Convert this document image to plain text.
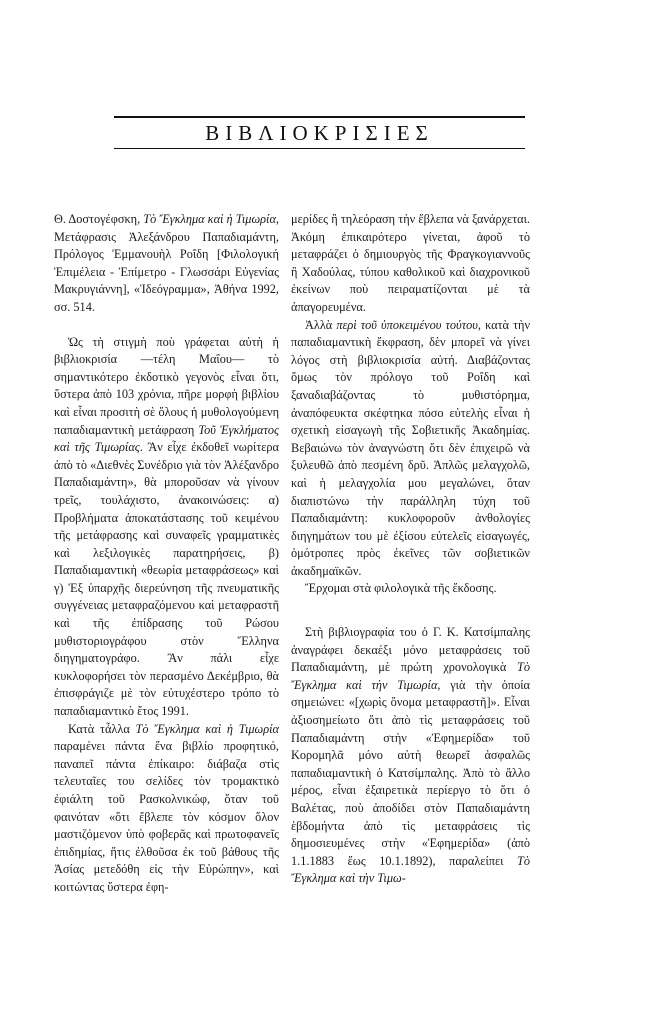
ΒΙΒΛΙΟΚΡΙΣΙΕΣ

Θ. Δοστογέφσκη, Τὸ Ἔγκλημα καὶ ἡ Τιμωρία, Μετάφρασις Ἀλεξάνδρου Παπαδιαμάντη, Πρόλογος Ἐμμανουὴλ Ροΐδη [Φιλολογική Ἐπιμέλεια - Ἐπίμετρο - Γλωσσάρι Εὐγενίας Μακρυγιάννη], «Ἰδεόγραμμα», Ἀθήνα 1992, σσ. 514.

Ὡς τὴ στιγμὴ ποὺ γράφεται αὐτὴ ἡ βιβλιοκρισία —τέλη Μαΐου— τὸ σημαντικότερο ἐκδοτικὸ γεγονὸς εἶναι ὅτι, ὕστερα ἀπὸ 103 χρόνια, πῆρε μορφὴ βιβλίου καὶ εἶναι προσιτὴ σὲ ὅλους ἡ μυθολογούμενη παπαδιαμαντικὴ μετάφραση Τοῦ Ἐγκλήματος καὶ τῆς Τιμωρίας. Ἂν εἶχε ἐκδοθεῖ νωρίτερα ἀπὸ τὸ «Διεθνὲς Συνέδριο γιὰ τὸν Ἀλέξανδρο Παπαδιαμάντη», θὰ μποροῦσαν νὰ γίνουν τρεῖς, τουλάχιστο, ἀνακοινώσεις: α) Προβλήματα ἀποκατάστασης τοῦ κειμένου τῆς μετάφρασης καὶ συναφεῖς γραμματικὲς καὶ λεξιλογικὲς παρατηρήσεις, β) Παπαδιαμαντικὴ «θεωρία μεταφράσεως» καὶ γ) Ἐξ ὑπαρχῆς διερεύνηση τῆς πνευματικῆς συγγένειας μεταφραζόμενου καὶ μεταφραστῆ καὶ τῆς ἐπίδρασης τοῦ Ρώσου μυθιστοριογράφου στὸν Ἕλληνα διηγηματογράφο. Ἂν πάλι εἶχε κυκλοφορήσει τὸν περασμένο Δεκέμβριο, θὰ ἐπισφράγιζε μὲ τὸν εὐτυχέστερο τρόπο τὸ παπαδιαμαντικὸ ἔτος 1991.

Κατὰ τἆλλα Τὸ Ἔγκλημα καὶ ἡ Τιμωρία παραμένει πάντα ἕνα βιβλίο προφητικό, παναπεῖ πάντα ἐπίκαιρο: διάβαζα στὶς τελευταῖες του σελίδες τὸν τρομακτικὸ ἐφιάλτη τοῦ Ρασκολνικώφ, ὅταν τοῦ φαινόταν «ὅτι ἔβλεπε τὸν κόσμον ὅλον μαστιζόμενον ὑπὸ φοβερᾶς καὶ πρωτοφανεῖς ἐπιδημίας, ἥτις ἐλθοῦσα ἐκ τοῦ βάθους τῆς Ἀσίας μετεδόθη εἰς τὴν Εὐρώπην», καὶ κοιτώντας ὕστερα ἐφη-

μερίδες ἢ τηλεόραση τὴν ἔβλεπα νὰ ξανάρχεται. Ἀκόμη ἐπικαιρότερο γίνεται, ἀφοῦ τὸ μεταφράζει ὁ δημιουργὸς τῆς Φραγκογιαννοῦς ἢ Χαδούλας, τύπου καθολικοῦ καὶ διαχρονικοῦ ἐκείνων ποὺ πειραματίζονται μὲ τὰ ἀπαγορευμένα.

Ἀλλὰ περὶ τοῦ ὑποκειμένου τούτου, κατὰ τὴν παπαδιαμαντικὴ ἔκφραση, δὲν μπορεῖ νὰ γίνει λόγος στὴ βιβλιοκρισία αὐτή. Διαβάζοντας ὅμως τὸν πρόλογο τοῦ Ροΐδη καὶ ξαναδιαβάζοντας τὸ μυθιστόρημα, ἀναπόφευκτα σκέφτηκα πόσο εὐτελὴς εἶναι ἡ σχετικὴ εἰσαγωγὴ τῆς Σοβιετικῆς Ἀκαδημίας. Βεβαιώνω τὸν ἀναγνώστη ὅτι δὲν ἐπιχειρῶ νὰ ξυλευθῶ ἀπὸ πεσμένη δρῦ. Ἁπλῶς μελαγχολῶ, καὶ ἡ μελαγχολία μου μεγαλώνει, ὅταν διαπιστώνω τὴν παράλληλη τύχη τοῦ Παπαδιαμάντη: κυκλοφοροῦν ἀνθολογίες διηγημάτων του μὲ ἐξίσου εὐτελεῖς εἰσαγωγές, ὁμότροπες πρὸς ἐκεῖνες τῶν σοβιετικῶν ἀκαδημαϊκῶν.

Ἔρχομαι στὰ φιλολογικὰ τῆς ἔκδοσης.

Στὴ βιβλιογραφία του ὁ Γ. Κ. Κατσίμπαλης ἀναγράφει δεκαέξι μόνο μεταφράσεις τοῦ Παπαδιαμάντη, μὲ πρώτη χρονολογικὰ Τὸ Ἔγκλημα καὶ τὴν Τιμωρία, γιὰ τὴν ὁποία σημειώνει: «[χωρὶς ὄνομα μεταφραστῆ]». Εἶναι ἀξιοσημείωτο ὅτι ἀπὸ τὶς μεταφράσεις τοῦ Παπαδιαμάντη στὴν «Ἐφημερίδα» τοῦ Κορομηλᾶ μόνο αὐτὴ θεωρεῖ ἀσφαλῶς παπαδιαμαντικὴ ὁ Κατσίμπαλης. Ἀπὸ τὸ ἄλλο μέρος, εἶναι ἐξαιρετικὰ περίεργο τὸ ὅτι ὁ Βαλέτας, ποὺ ἀποδίδει στὸν Παπαδιαμάντη ἑβδομήντα ἀπὸ τὶς μεταφράσεις τὶς δημοσιευμένες στὴν «Ἐφημερίδα» (ἀπὸ 1.1.1883 ἕως 10.1.1892), παραλείπει Τὸ Ἔγκλημα καὶ τὴν Τιμω-
